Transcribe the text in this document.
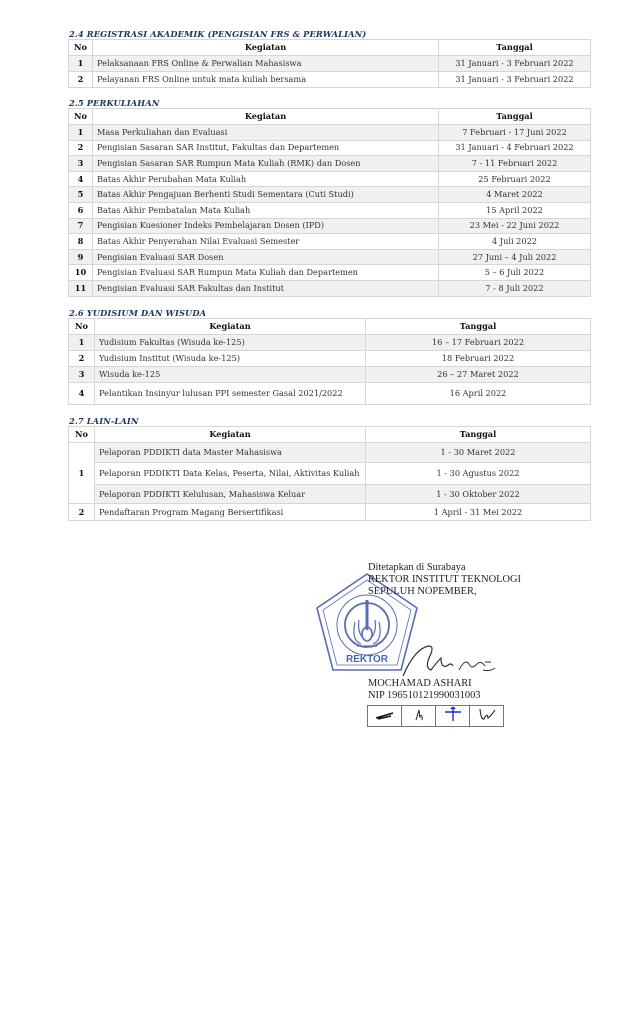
2.4 REGISTRASI AKADEMIK (PENGISIAN FRS & PERWALIAN)
No	Kegiatan	Tanggal
1	Pelaksanaan FRS Online & Perwalian Mahasiswa	31 Januari - 3 Februari 2022
2	Pelayanan FRS Online untuk mata kuliah bersama	31 Januari - 3 Februari 2022
2.5 PERKULIAHAN
No	Kegiatan	Tanggal
1	Masa Perkuliahan dan Evaluasi	7 Februari - 17 Juni 2022
2	Pengisian Sasaran SAR Institut, Fakultas dan Departemen	31 Januari - 4 Februari 2022
3	Pengisian Sasaran SAR Rumpun Mata Kuliah (RMK) dan Dosen	7 - 11 Februari 2022
4	Batas Akhir Perubahan Mata Kuliah	25 Februari 2022
5	Batas Akhir Pengajuan Berhenti Studi Sementara (Cuti Studi)	4 Maret 2022
6	Batas Akhir Pembatalan Mata Kuliah	15 April 2022
7	Pengisian Kuesioner Indeks Pembelajaran Dosen (IPD)	23 Mei - 22 Juni 2022
8	Batas Akhir Penyerahan Nilai Evaluasi Semester	4 Juli 2022
9	Pengisian Evaluasi SAR Dosen	27 Juni – 4 Juli 2022
10	Pengisian Evaluasi SAR Rumpun Mata Kuliah dan Departemen	5 – 6 Juli 2022
11	Pengisian Evaluasi SAR Fakultas dan Institut	7 - 8 Juli 2022
2.6 YUDISIUM DAN WISUDA
No	Kegiatan	Tanggal
1	Yudisium Fakultas (Wisuda ke-125)	16 – 17 Februari 2022
2	Yudisium Institut (Wisuda ke-125)	18 Februari 2022
3	Wisuda ke-125	26 – 27 Maret 2022
4	Pelantikan Insinyur lulusan PPI semester Gasal 2021/2022	16 April 2022
2.7 LAIN-LAIN
No	Kegiatan	Tanggal
1	Pelaporan PDDIKTI data Master Mahasiswa	1 - 30 Maret 2022
	Pelaporan PDDIKTI Data Kelas, Peserta, Nilai, Aktivitas Kuliah	1 - 30 Agustus 2022
	Pelaporan PDDIKTI Kelulusan, Mahasiswa Keluar	1 - 30 Oktober 2022
2	Pendaftaran Program Magang Bersertifikasi	1 April - 31 Mei 2022
REKTOR
Ditetapkan di Surabaya
REKTOR INSTITUT TEKNOLOGI
SEPULUH NOPEMBER,
MOCHAMAD ASHARI
NIP 196510121990031003
